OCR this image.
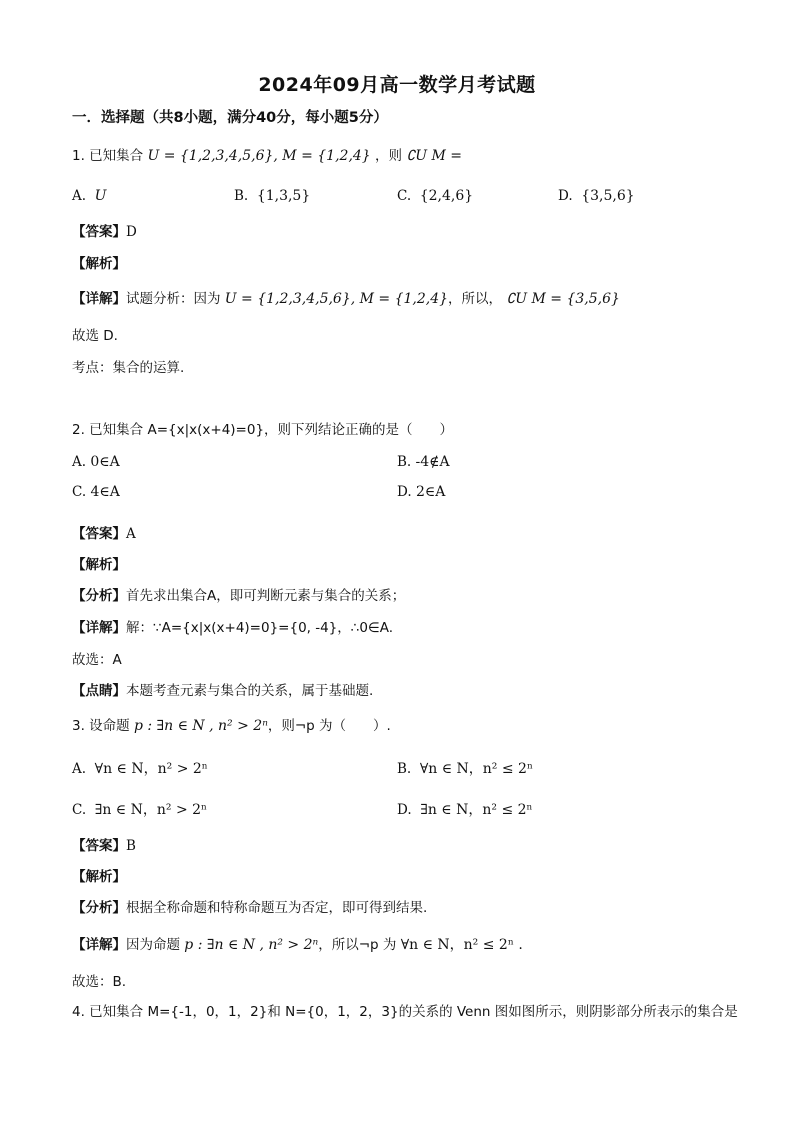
2024年09月高一数学月考试题
一．选择题（共8小题，满分40分，每小题5分）
1. 已知集合 U = {1,2,3,4,5,6}, M = {1,2,4} ，则 ∁U M =
A. U	B. {1,3,5}	C. {2,4,6}	D. {3,5,6}
【答案】D
【解析】
【详解】试题分析：因为 U = {1,2,3,4,5,6}, M = {1,2,4}，所以， ∁U M = {3,5,6}
故选 D.
考点：集合的运算.
2. 已知集合 A={x|x(x+4)=0}，则下列结论正确的是（　　）
A. 0∈A	B. -4∉A
C. 4∈A	D. 2∈A
【答案】A
【解析】
【分析】首先求出集合A，即可判断元素与集合的关系；
【详解】解：∵A={x|x(x+4)=0}={0, -4}，∴0∈A.
故选：A
【点睛】本题考查元素与集合的关系，属于基础题.
3. 设命题 p : ∃n ∈ N , n² > 2ⁿ，则¬p 为（　　）.
A. ∀n ∈ N，n² > 2ⁿ	B. ∀n ∈ N，n² ≤ 2ⁿ
C. ∃n ∈ N，n² > 2ⁿ	D. ∃n ∈ N，n² ≤ 2ⁿ
【答案】B
【解析】
【分析】根据全称命题和特称命题互为否定，即可得到结果.
【详解】因为命题 p : ∃n ∈ N , n² > 2ⁿ，所以¬p 为 ∀n ∈ N，n² ≤ 2ⁿ .
故选：B.
4. 已知集合 M={-1，0，1，2}和 N={0，1，2，3}的关系的 Venn 图如图所示，则阴影部分所表示的集合是
